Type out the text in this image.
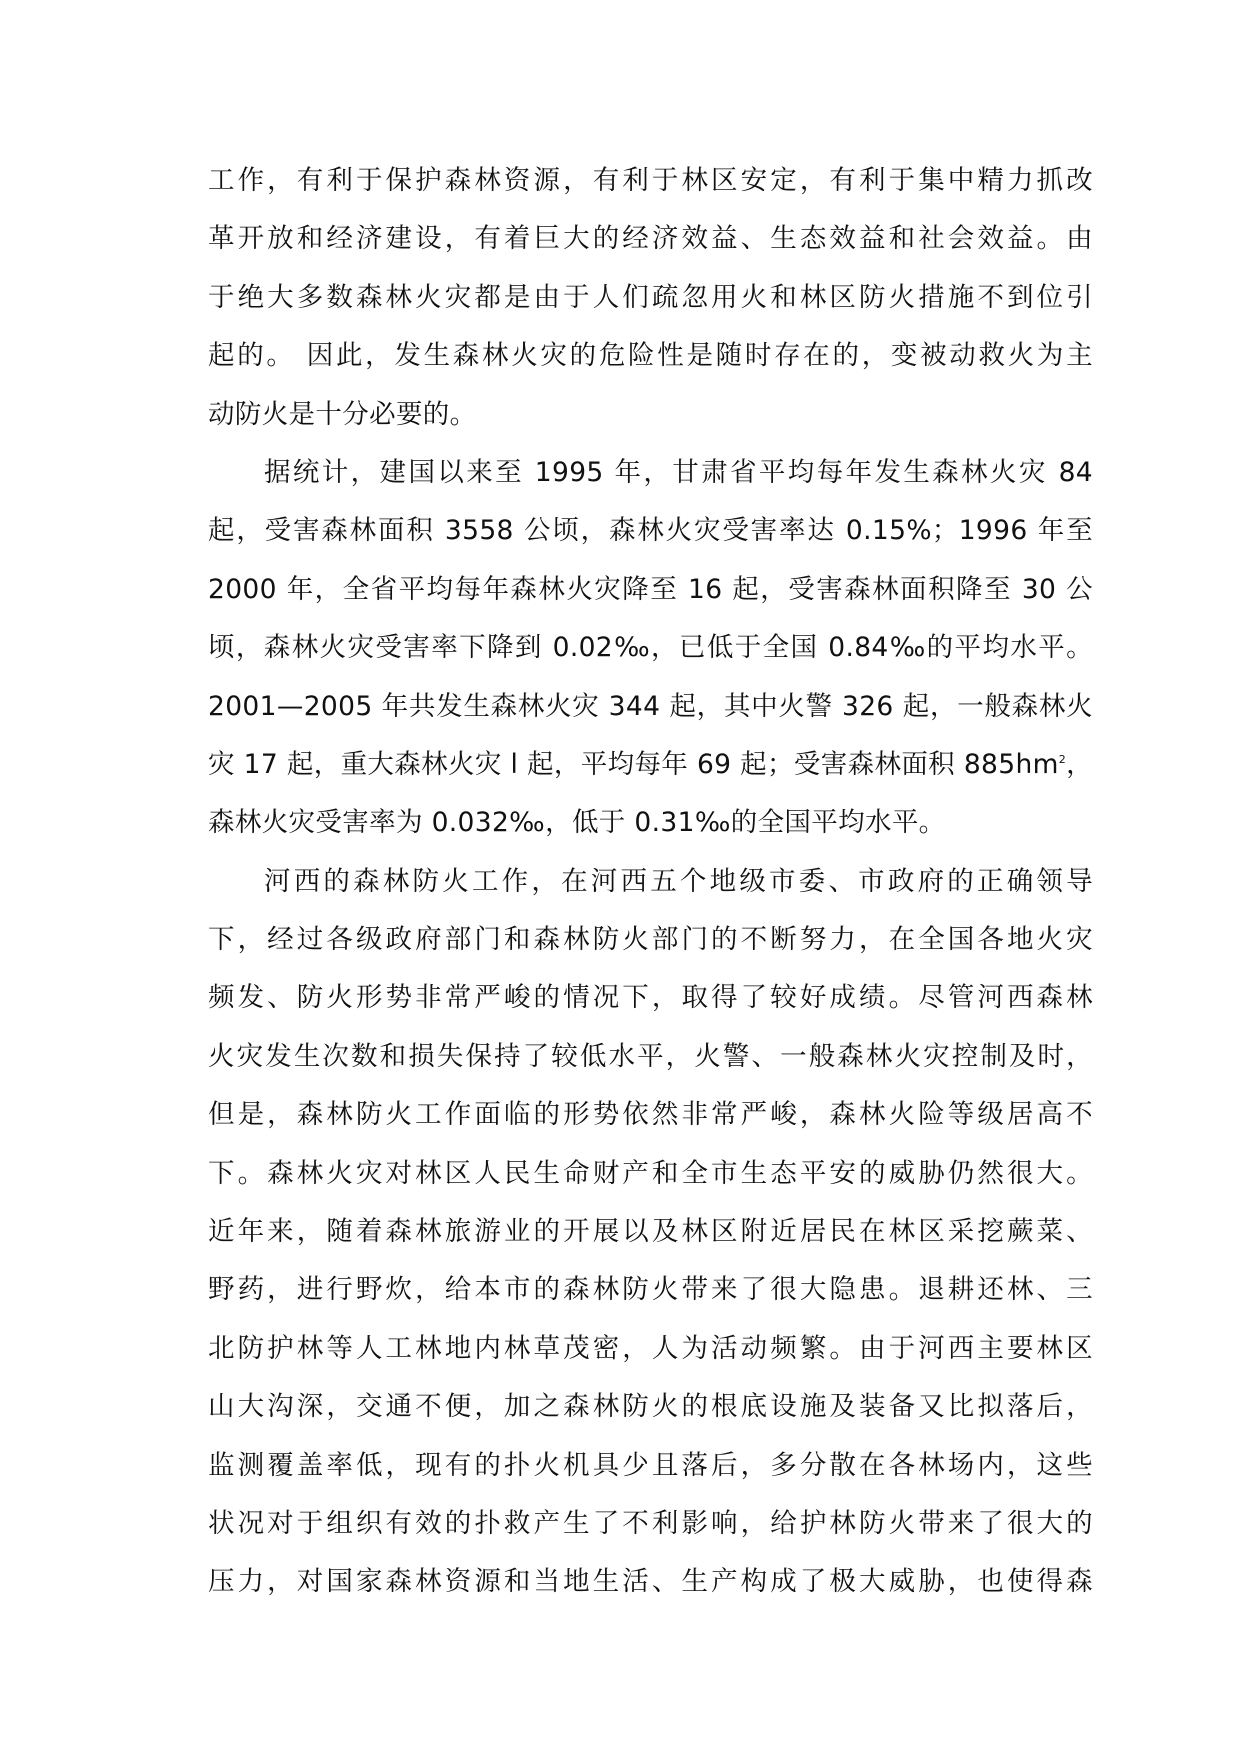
工作，有利于保护森林资源，有利于林区安定，有利于集中精力抓改
革开放和经济建设，有着巨大的经济效益、生态效益和社会效益。由
于绝大多数森林火灾都是由于人们疏忽用火和林区防火措施不到位引
起的。 因此，发生森林火灾的危险性是随时存在的，变被动救火为主
动防火是十分必要的。
据统计，建国以来至 1995 年，甘肃省平均每年发生森林火灾 84
起，受害森林面积 3558 公顷，森林火灾受害率达 0.15%；1996 年至
2000 年，全省平均每年森林火灾降至 16 起，受害森林面积降至 30 公
顷，森林火灾受害率下降到 0.02‰，已低于全国 0.84‰的平均水平。
2001—2005 年共发生森林火灾 344 起，其中火警 326 起，一般森林火
灾 17 起，重大森林火灾 l 起，平均每年 69 起；受害森林面积 $885hm^2$，
森林火灾受害率为 0.032‰，低于 0.31‰的全国平均水平。
河西的森林防火工作，在河西五个地级市委、市政府的正确领导
下，经过各级政府部门和森林防火部门的不断努力，在全国各地火灾
频发、防火形势非常严峻的情况下，取得了较好成绩。尽管河西森林
火灾发生次数和损失保持了较低水平，火警、一般森林火灾控制及时，
但是，森林防火工作面临的形势依然非常严峻，森林火险等级居高不
下。森林火灾对林区人民生命财产和全市生态平安的威胁仍然很大。
近年来，随着森林旅游业的开展以及林区附近居民在林区采挖蕨菜、
野药，进行野炊，给本市的森林防火带来了很大隐患。退耕还林、三
北防护林等人工林地内林草茂密，人为活动频繁。由于河西主要林区
山大沟深，交通不便，加之森林防火的根底设施及装备又比拟落后，
监测覆盖率低，现有的扑火机具少且落后，多分散在各林场内，这些
状况对于组织有效的扑救产生了不利影响，给护林防火带来了很大的
压力，对国家森林资源和当地生活、生产构成了极大威胁，也使得森
